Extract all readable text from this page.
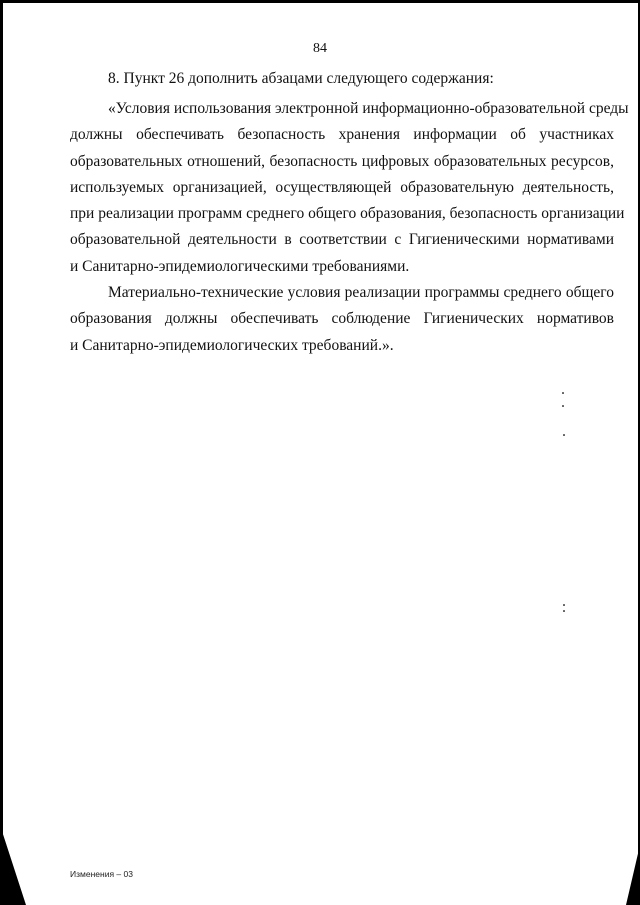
84
8. Пункт 26 дополнить абзацами следующего содержания:
«Условия использования электронной информационно-образовательной среды
должны обеспечивать безопасность хранения информации об участниках
образовательных отношений, безопасность цифровых образовательных ресурсов,
используемых организацией, осуществляющей образовательную деятельность,
при реализации программ среднего общего образования, безопасность организации
образовательной деятельности в соответствии с Гигиеническими нормативами
и Санитарно-эпидемиологическими требованиями.
Материально-технические условия реализации программы среднего общего
образования должны обеспечивать соблюдение Гигиенических нормативов
и Санитарно-эпидемиологических требований.».
Изменения – 03
